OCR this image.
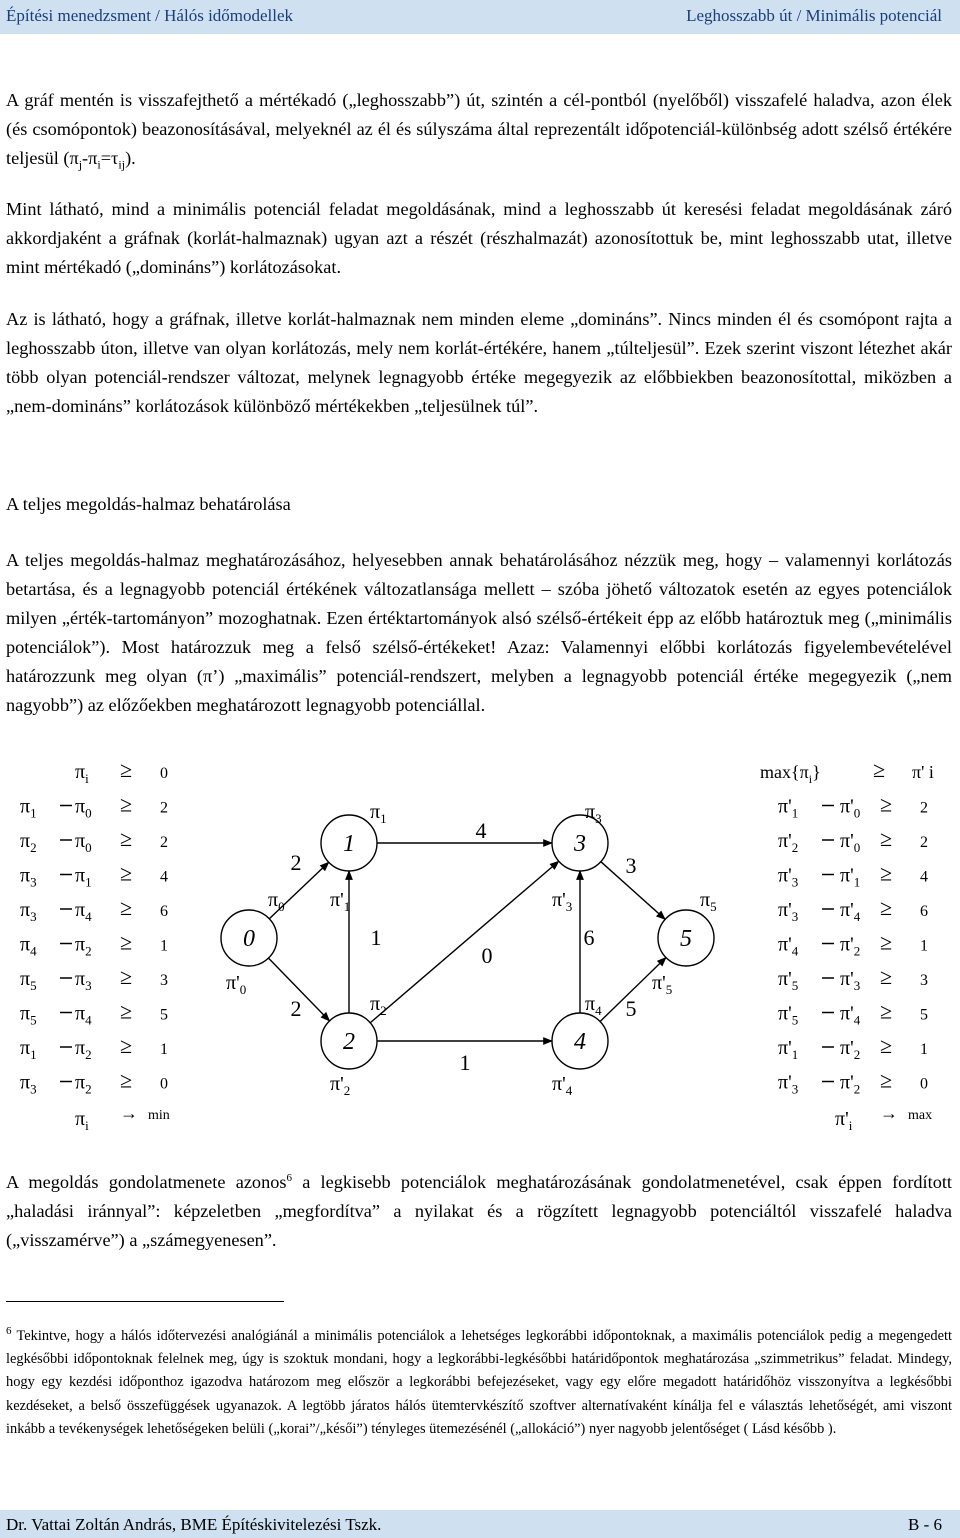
Építési menedzsment / Hálós időmodellek	Leghosszabb út / Minimális potenciál

A gráf mentén is visszafejthető a mértékadó („leghosszabb”) út, szintén a cél-pontból (nyelőből) visszafelé haladva, azon élek (és csomópontok) beazonosításával, melyeknél az él és súlyszáma által reprezentált időpotenciál-különbség adott szélső értékére teljesül $(\pi_j-\pi_i=\tau_{ij})$.

Mint látható, mind a minimális potenciál feladat megoldásának, mind a leghosszabb út keresési feladat megoldásának záró akkordjaként a gráfnak (korlát-halmaznak) ugyan azt a részét (részhalmazát) azonosítottuk be, mint leghosszabb utat, illetve mint mértékadó („domináns”) korlátozásokat.

Az is látható, hogy a gráfnak, illetve korlát-halmaznak nem minden eleme „domináns”. Nincs minden él és csomópont rajta a leghosszabb úton, illetve van olyan korlátozás, mely nem korlát-értékére, hanem „túlteljesül”. Ezek szerint viszont létezhet akár több olyan potenciál-rendszer változat, melynek legnagyobb értéke megegyezik az előbbiekben beazonosítottal, miközben a „nem-domináns” korlátozások különböző mértékekben „teljesülnek túl”.

A teljes megoldás-halmaz behatárolása

A teljes megoldás-halmaz meghatározásához, helyesebben annak behatárolásához nézzük meg, hogy – valamennyi korlátozás betartása, és a legnagyobb potenciál értékének változatlansága mellett – szóba jöhető változatok esetén az egyes potenciálok milyen „érték-tartományon” mozoghatnak. Ezen értéktartományok alsó szélső-értékeit épp az előbb határoztuk meg („minimális potenciálok”). Most határozzuk meg a felső szélső-értékeket! Azaz: Valamennyi előbbi korlátozás figyelembevételével határozzunk meg olyan (π’) „maximális” potenciál-rendszert, melyben a legnagyobb potenciál értéke megegyezik („nem nagyobb”) az előzőekben meghatározott legnagyobb potenciállal.

$\pi_i \ge 0$
$\pi_1$ $\pi_0 \ge 2$
$\pi_2$ $\pi_0 \ge 2$
$\pi_3$ $\pi_1 \ge 4$
$\pi_3$ $\pi_4 \ge 6$
$\pi_4$ $\pi_2 \ge 1$
$\pi_5$ $\pi_3 \ge 3$
$\pi_5$ $\pi_4 \ge 5$
$\pi_1$ $\pi_2 \ge 1$
$\pi_3$ $\pi_2 \ge 0$
$\pi_i$
→ min
$\max\{\pi_i\} \ge \pi'$ i
$\pi'_1$ $\pi'_0 \ge 2$
$\pi'_2$ $\pi'_0 \ge 2$
$\pi'_3$ $\pi'_1 \ge 4$
$\pi'_3$ $\pi'_4 \ge 6$
$\pi'_4$ $\pi'_2 \ge 1$
$\pi'_5$ $\pi'_3 \ge 3$
$\pi'_5$ $\pi'_4 \ge 5$
$\pi'_1$ $\pi'_2 \ge 1$
$\pi'_3$ $\pi'_2 \ge 0$
$\pi'_i$
→ max
2
2
4
1
0
1
6
3
5
0
1
2
3
4
5
$\pi_0$
$\pi'_0$
$\pi_1$
$\pi'_1$
$\pi_2$
$\pi'_2$
$\pi_3$
$\pi'_3$
$\pi_4$
$\pi'_4$
$\pi_5$
$\pi'_5$

A megoldás gondolatmenete azonos$^6$ a legkisebb potenciálok meghatározásának gondolatmenetével, csak éppen fordított „haladási iránnyal”: képzeletben „megfordítva” a nyilakat és a rögzített legnagyobb potenciáltól visszafelé haladva („visszamérve”) a „számegyenesen”.

$^6$ Tekintve, hogy a hálós időtervezési analógiánál a minimális potenciálok a lehetséges legkorábbi időpontoknak, a maximális potenciálok pedig a megengedett legkésőbbi időpontoknak felelnek meg, úgy is szoktuk mondani, hogy a legkorábbi-legkésőbbi határidőpontok meghatározása „szimmetrikus” feladat. Mindegy, hogy egy kezdési időponthoz igazodva határozom meg először a legkorábbi befejezéseket, vagy egy előre megadott határidőhöz visszonyítva a legkésőbbi kezdéseket, a belső összefüggések ugyanazok. A legtöbb járatos hálós ütemtervkészítő szoftver alternatívaként kínálja fel e választás lehetőségét, ami viszont inkább a tevékenységek lehetőségeken belüli („korai”/„késői”) tényleges ütemezésénél („allokáció”) nyer nagyobb jelentőséget ( Lásd később ).

Dr. Vattai Zoltán András, BME Építéskivitelezési Tszk.	B - 6
